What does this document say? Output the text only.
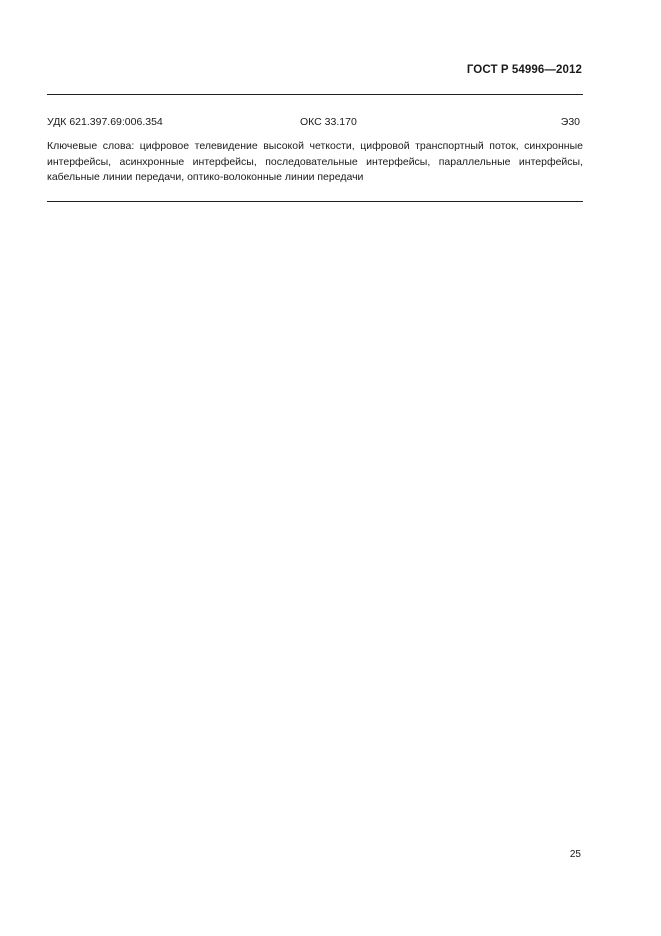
ГОСТ Р 54996—2012
УДК 621.397.69:006.354	ОКС 33.170	Э30
Ключевые слова: цифровое телевидение высокой четкости, цифровой транспортный поток, синхронные
интерфейсы, асинхронные интерфейсы, последовательные интерфейсы, параллельные интерфейсы,
кабельные линии передачи, оптико-волоконные линии передачи
25
